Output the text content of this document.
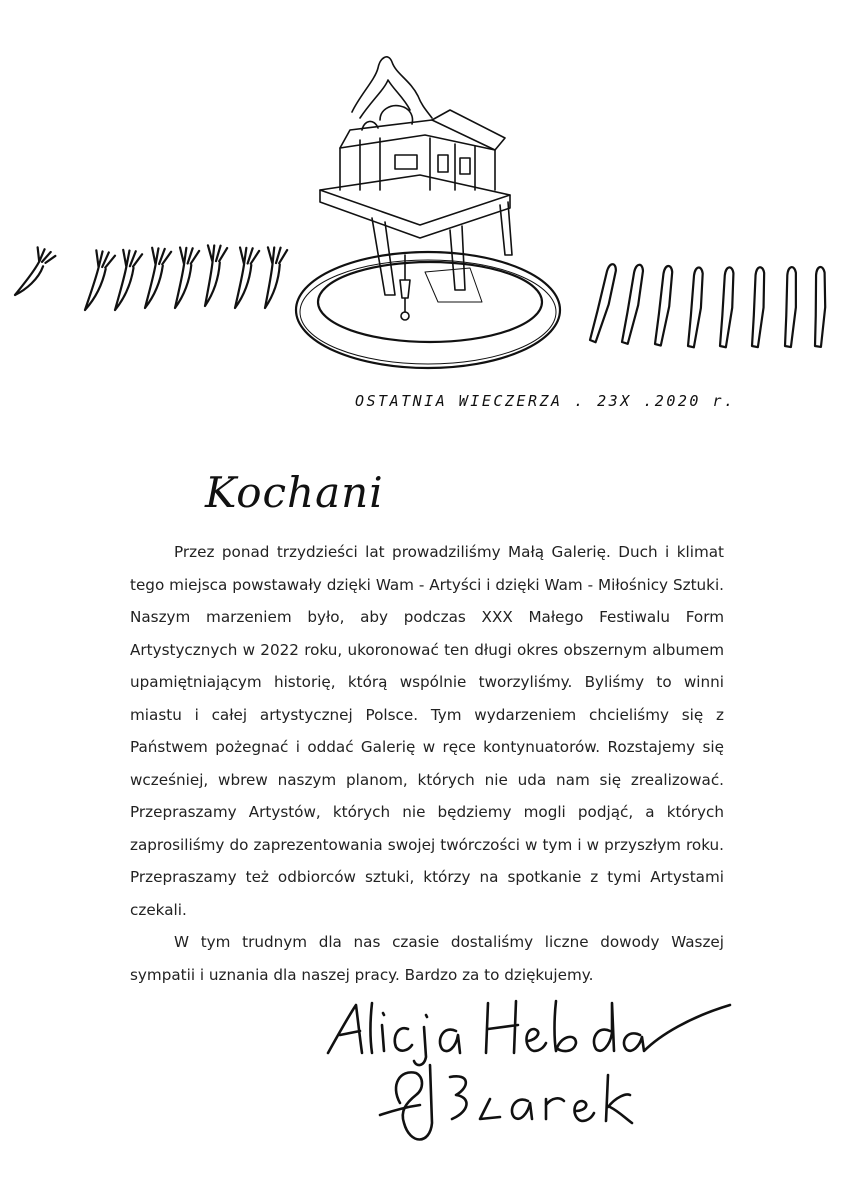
OSTATNIA WIECZERZA . 23X .2020 r.
Kochani

Przez ponad trzydzieści lat prowadziliśmy Małą Galerię. Duch i klimat tego miejsca powstawały dzięki Wam - Artyści i dzięki Wam - Miłośnicy Sztuki. Naszym marzeniem było, aby podczas XXX Małego Festiwalu Form Artystycznych w 2022 roku, ukoronować ten długi okres obszernym albumem upamiętniającym historię, którą wspólnie tworzyliśmy. Byliśmy to winni miastu i całej artystycznej Polsce. Tym wydarzeniem chcieliśmy się z Państwem pożegnać i oddać Galerię w ręce kontynuatorów. Rozstajemy się wcześniej, wbrew naszym planom, których nie uda nam się zrealizować. Przepraszamy Artystów, których nie będziemy mogli podjąć, a których zaprosiliśmy do zaprezentowania swojej twórczości w tym i w przyszłym roku. Przepraszamy też odbiorców sztuki, którzy na spotkanie z tymi Artystami czekali.

W tym trudnym dla nas czasie dostaliśmy liczne dowody Waszej sympatii i uznania dla naszej pracy. Bardzo za to dziękujemy.
